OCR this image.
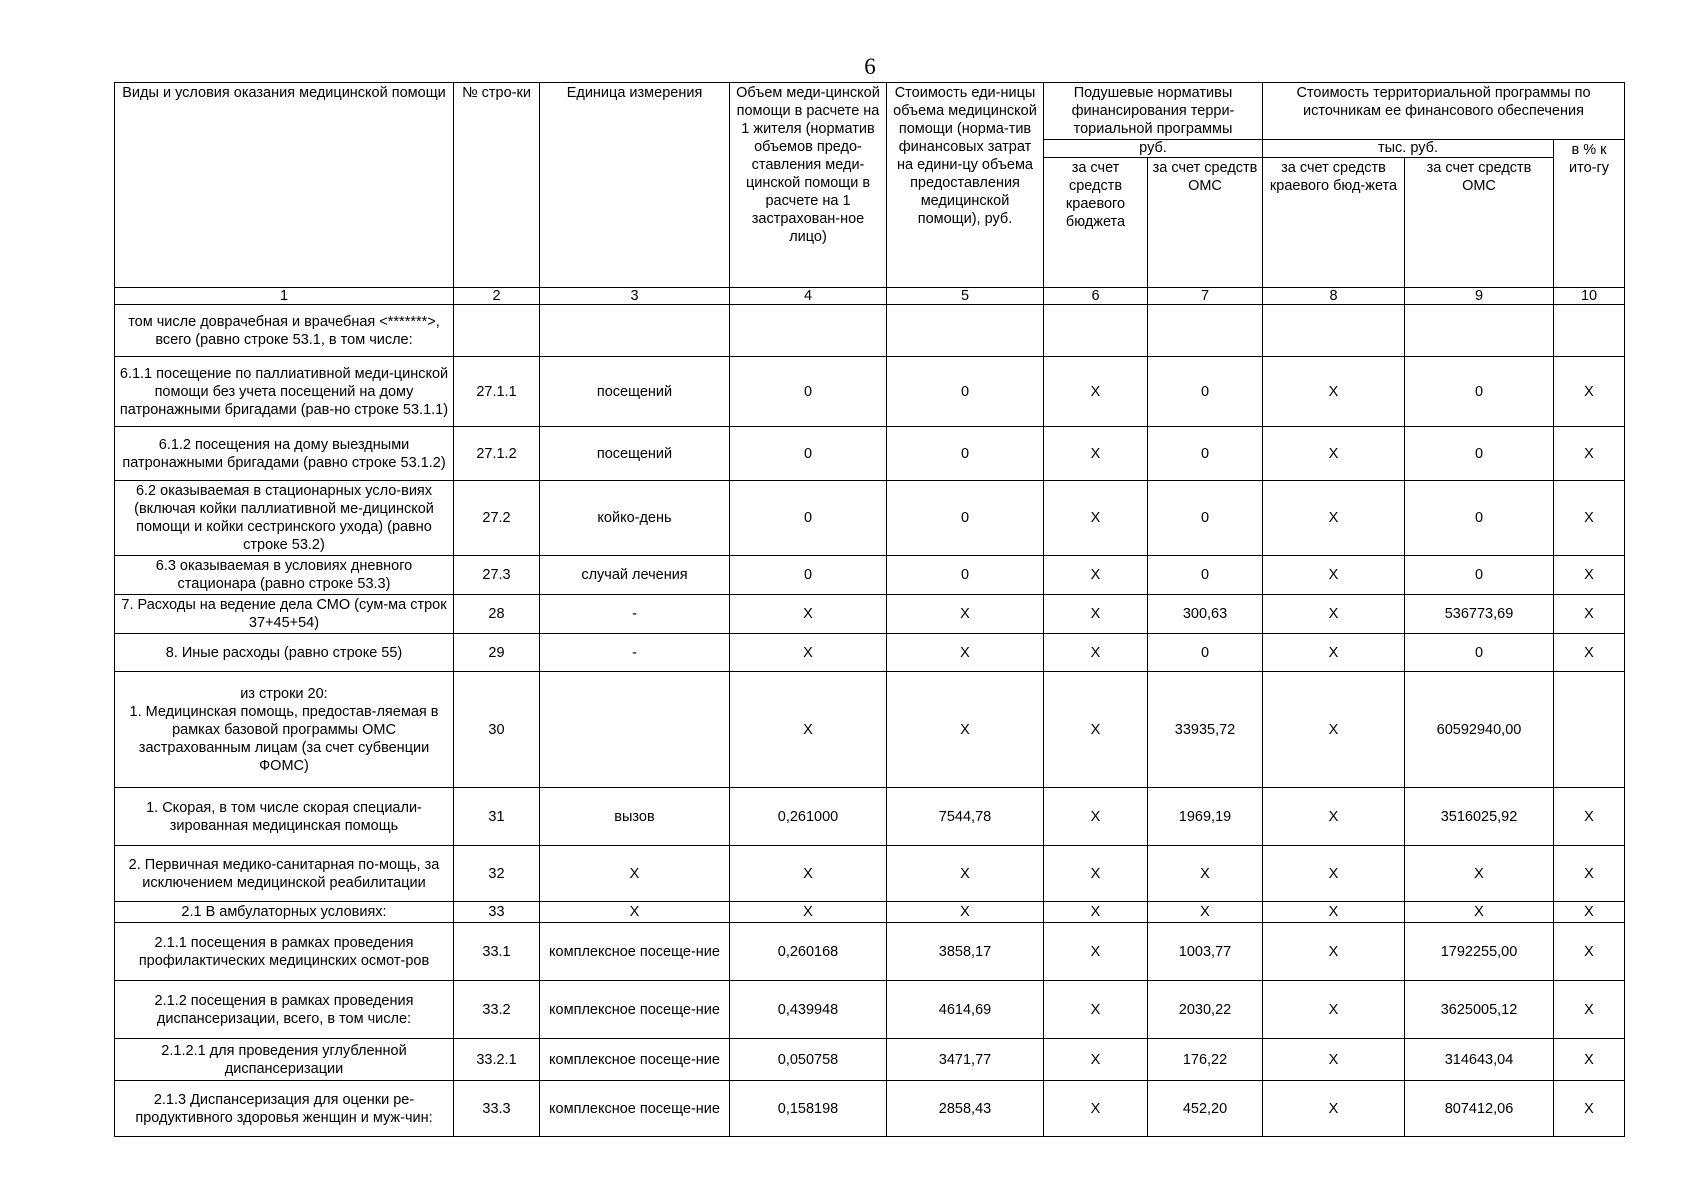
6
Виды и условия оказания медицинской помощи	№ стро-ки	Единица измерения	Объем меди-цинской помощи в расчете на 1 жителя (норматив объемов предо-ставления меди-цинской помощи в расчете на 1 застрахован-ное лицо)	Стоимость еди-ницы объема медицинской помощи (норма-тив финансовых затрат на едини-цу объема предоставления медицинской помощи), руб.	Подушевые нормативы финансирования терри-ториальной программы		Стоимость территориальной программы по источникам ее финансового обеспечения		
					руб.		тыс. руб.		в % к ито-гу
					за счет средств краевого бюджета	за счет средств ОМС	за счет средств краевого бюд-жета	за счет средств ОМС	
1	2	3	4	5	6	7	8	9	10
том числе доврачебная и врачебная <*******>, всего (равно строке 53.1, в том числе:									
6.1.1 посещение по паллиативной меди-цинской помощи без учета посещений на дому патронажными бригадами (рав-но строке 53.1.1)	27.1.1	посещений	0	0	X	0	X	0	X
6.1.2 посещения на дому выездными патронажными бригадами (равно строке 53.1.2)	27.1.2	посещений	0	0	X	0	X	0	X
6.2 оказываемая в стационарных усло-виях (включая койки паллиативной ме-дицинской помощи и койки сестринского ухода) (равно строке 53.2)	27.2	койко-день	0	0	X	0	X	0	X
6.3 оказываемая в условиях дневного стационара (равно строке 53.3)	27.3	случай лечения	0	0	X	0	X	0	X
7. Расходы на ведение дела СМО (сум-ма строк 37+45+54)	28	-	X	X	X	300,63	X	536773,69	X
8. Иные расходы (равно строке 55)	29	-	X	X	X	0	X	0	X
из строки 20:
1. Медицинская помощь, предостав-ляемая в рамках базовой программы ОМС застрахованным лицам (за счет субвенции ФОМС)	30		X	X	X	33935,72	X	60592940,00	
1. Скорая, в том числе скорая специали-зированная медицинская помощь	31	вызов	0,261000	7544,78	X	1969,19	X	3516025,92	X
2. Первичная медико-санитарная по-мощь, за исключением медицинской реабилитации	32	X	X	X	X	X	X	X	X
2.1 В амбулаторных условиях:	33	X	X	X	X	X	X	X	X
2.1.1 посещения в рамках проведения профилактических медицинских осмот-ров	33.1	комплексное посеще-ние	0,260168	3858,17	X	1003,77	X	1792255,00	X
2.1.2 посещения в рамках проведения диспансеризации, всего, в том числе:	33.2	комплексное посеще-ние	0,439948	4614,69	X	2030,22	X	3625005,12	X
2.1.2.1 для проведения углубленной диспансеризации	33.2.1	комплексное посеще-ние	0,050758	3471,77	X	176,22	X	314643,04	X
2.1.3 Диспансеризация для оценки ре-продуктивного здоровья женщин и муж-чин:	33.3	комплексное посеще-ние	0,158198	2858,43	X	452,20	X	807412,06	X
